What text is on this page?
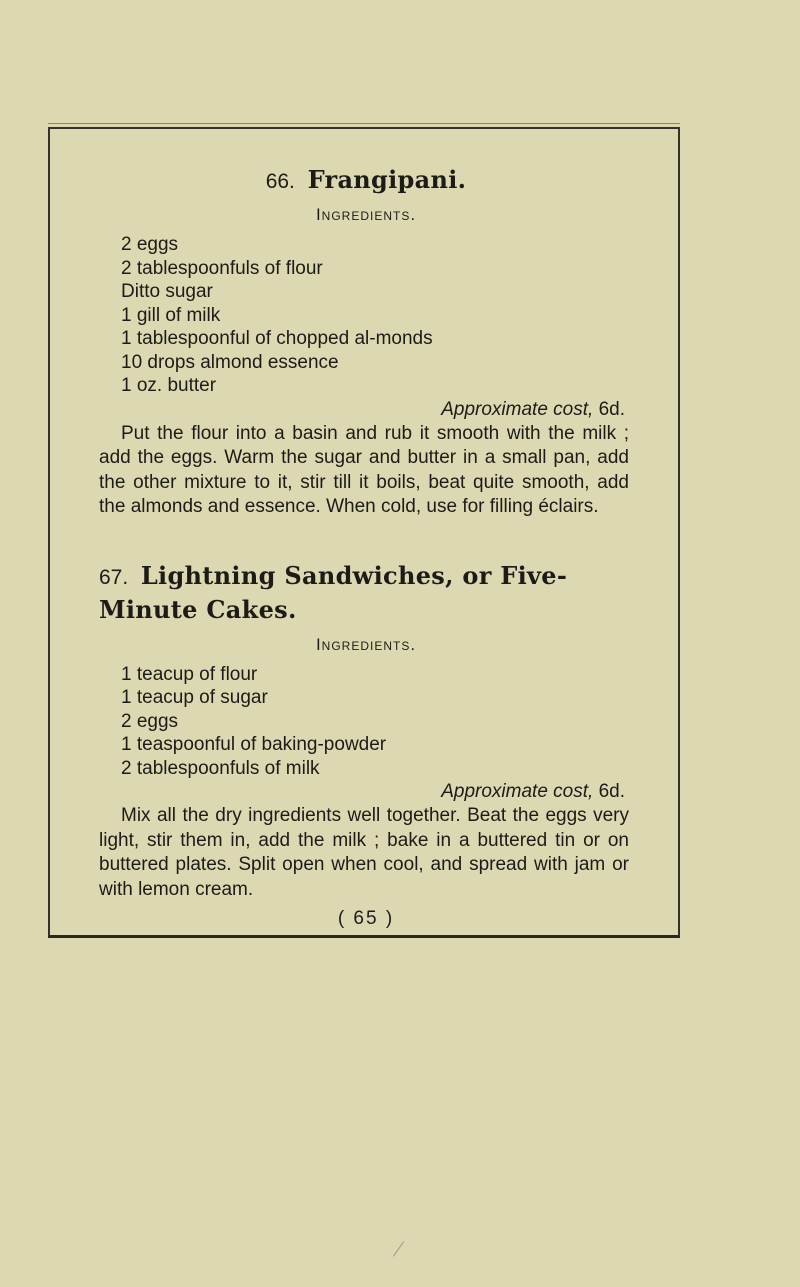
66. Frangipani.
Ingredients.
2 eggs
2 tablespoonfuls of flour
Ditto sugar
1 gill of milk
1 tablespoonful of chopped al-monds
10 drops almond essence
1 oz. butter
Approximate cost, 6d.

Put the flour into a basin and rub it smooth with the milk ; add the eggs. Warm the sugar and butter in a small pan, add the other mixture to it, stir till it boils, beat quite smooth, add the almonds and essence. When cold, use for filling éclairs.

67. Lightning Sandwiches, or Five-Minute Cakes.
Ingredients.
1 teacup of flour
1 teacup of sugar
2 eggs
1 teaspoonful of baking-powder
2 tablespoonfuls of milk
Approximate cost, 6d.

Mix all the dry ingredients well together. Beat the eggs very light, stir them in, add the milk ; bake in a buttered tin or on buttered plates. Split open when cool, and spread with jam or with lemon cream.

( 65 )
